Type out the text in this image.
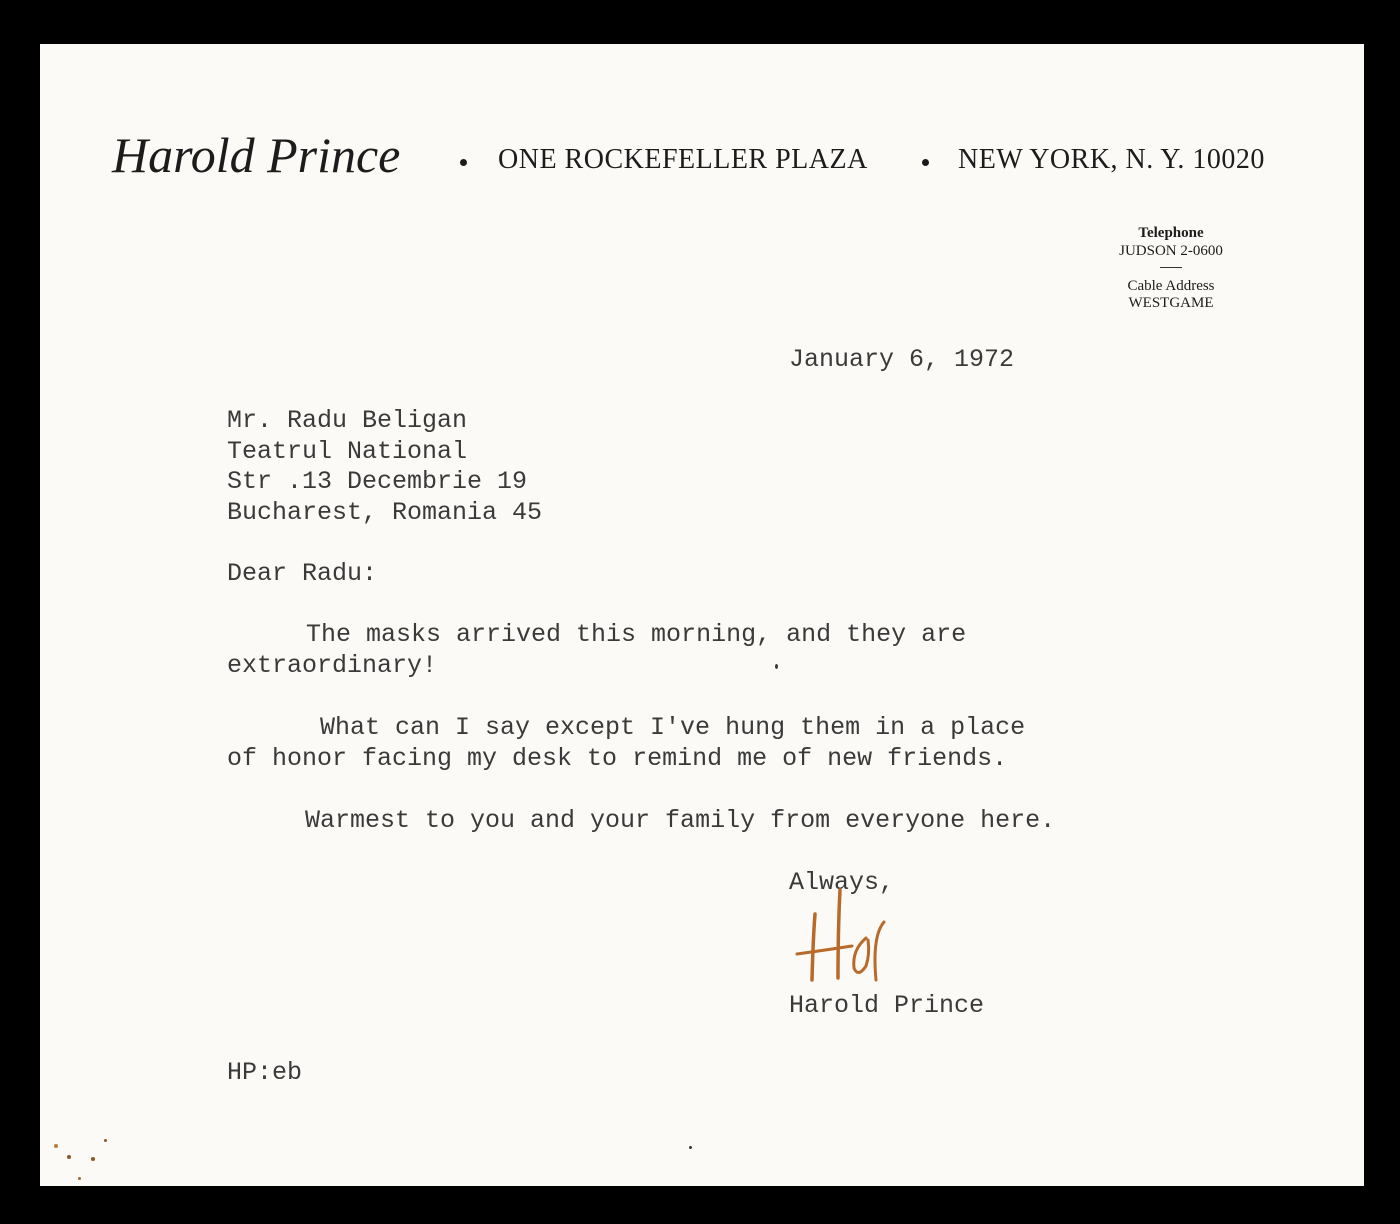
Harold Prince	ONE ROCKEFELLER PLAZA	NEW YORK, N. Y. 10020
Telephone
JUDSON 2-0600
Cable Address
WESTGAME
January 6, 1972
Mr. Radu Beligan
Teatrul National
Str .13 Decembrie 19
Bucharest, Romania 45
Dear Radu:
The masks arrived this morning, and they are
extraordinary!
What can I say except I've hung them in a place
of honor facing my desk to remind me of new friends.
Warmest to you and your family from everyone here.
Always,
Harold Prince
HP:eb
